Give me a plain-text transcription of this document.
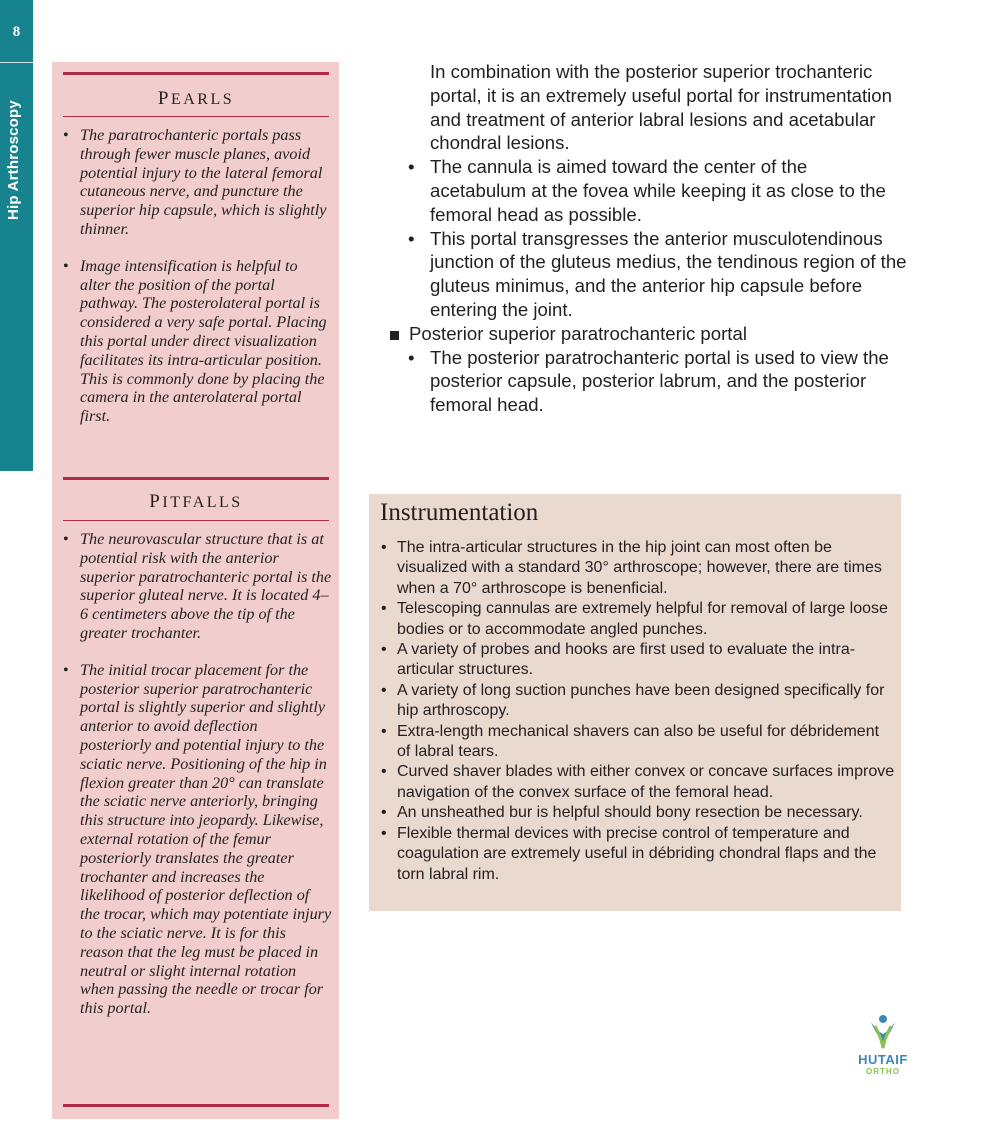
8
Hip Arthroscopy
PEARLS
• The paratrochanteric portals pass through fewer muscle planes, avoid potential injury to the lateral femoral cutaneous nerve, and puncture the superior hip capsule, which is slightly thinner.
• Image intensification is helpful to alter the position of the portal pathway. The posterolateral portal is considered a very safe portal. Placing this portal under direct visualization facilitates its intra-articular position. This is commonly done by placing the camera in the anterolateral portal first.
PITFALLS
• The neurovascular structure that is at potential risk with the anterior superior paratrochanteric portal is the superior gluteal nerve. It is located 4–6 centimeters above the tip of the greater trochanter.
• The initial trocar placement for the posterior superior paratrochanteric portal is slightly superior and slightly anterior to avoid deflection posteriorly and potential injury to the sciatic nerve. Positioning of the hip in flexion greater than 20° can translate the sciatic nerve anteriorly, bringing this structure into jeopardy. Likewise, external rotation of the femur posteriorly translates the greater trochanter and increases the likelihood of posterior deflection of the trocar, which may potentiate injury to the sciatic nerve. It is for this reason that the leg must be placed in neutral or slight internal rotation when passing the needle or trocar for this portal.
In combination with the posterior superior trochanteric portal, it is an extremely useful portal for instrumentation and treatment of anterior labral lesions and acetabular chondral lesions.
• The cannula is aimed toward the center of the acetabulum at the fovea while keeping it as close to the femoral head as possible.
• This portal transgresses the anterior musculotendinous junction of the gluteus medius, the tendinous region of the gluteus minimus, and the anterior hip capsule before entering the joint.
Posterior superior paratrochanteric portal
• The posterior paratrochanteric portal is used to view the posterior capsule, posterior labrum, and the posterior femoral head.
Instrumentation
• The intra-articular structures in the hip joint can most often be visualized with a standard 30° arthroscope; however, there are times when a 70° arthroscope is benenficial.
• Telescoping cannulas are extremely helpful for removal of large loose bodies or to accommodate angled punches.
• A variety of probes and hooks are first used to evaluate the intra-articular structures.
• A variety of long suction punches have been designed specifically for hip arthroscopy.
• Extra-length mechanical shavers can also be useful for débridement of labral tears.
• Curved shaver blades with either convex or concave surfaces improve navigation of the convex surface of the femoral head.
• An unsheathed bur is helpful should bony resection be necessary.
• Flexible thermal devices with precise control of temperature and coagulation are extremely useful in débriding chondral flaps and the torn labral rim.
HUTAIF
ORTHO
